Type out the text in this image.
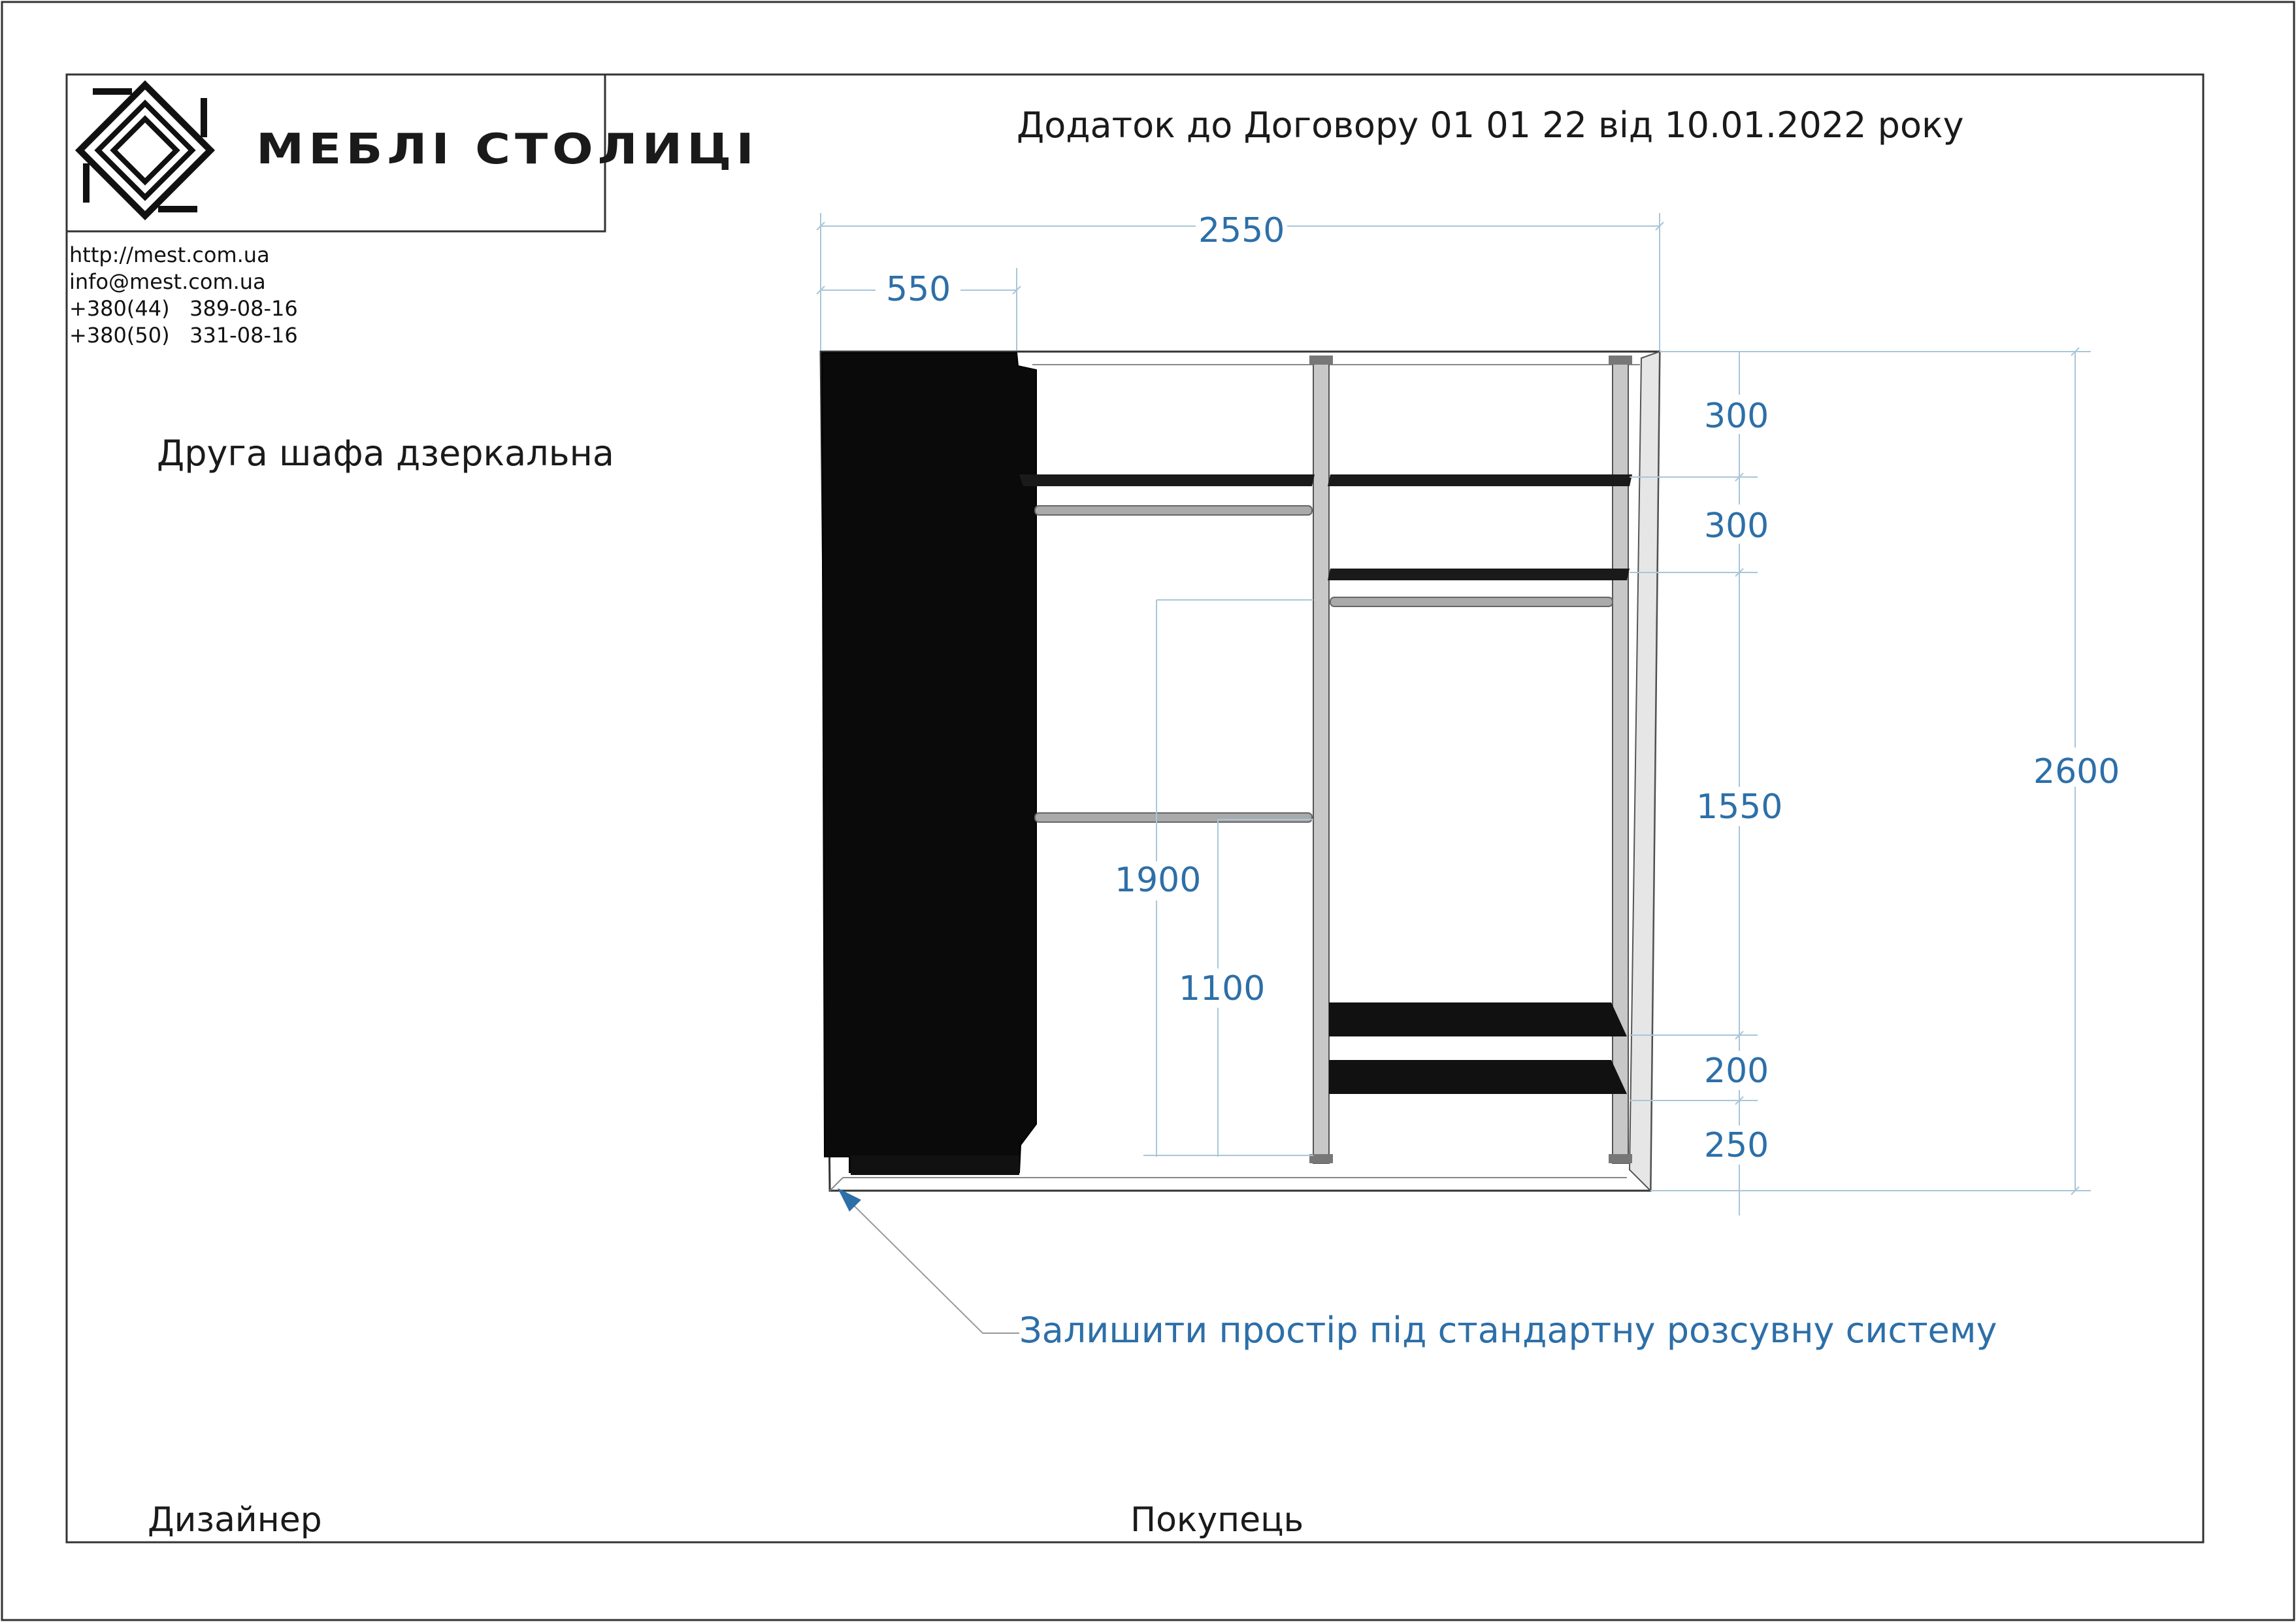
2550
550
2600
300
300
1550
200
250
1900
1100
МЕБЛІ СТОЛИЦІ
http://mest.com.ua
info@mest.com.ua
+380(44)   389-08-16
+380(50)   331-08-16
Додаток до Договору 01 01 22 від 10.01.2022 року
Друга шафа дзеркальна
Залишити простір під стандартну розсувну систему
Дизайнер	Покупець
